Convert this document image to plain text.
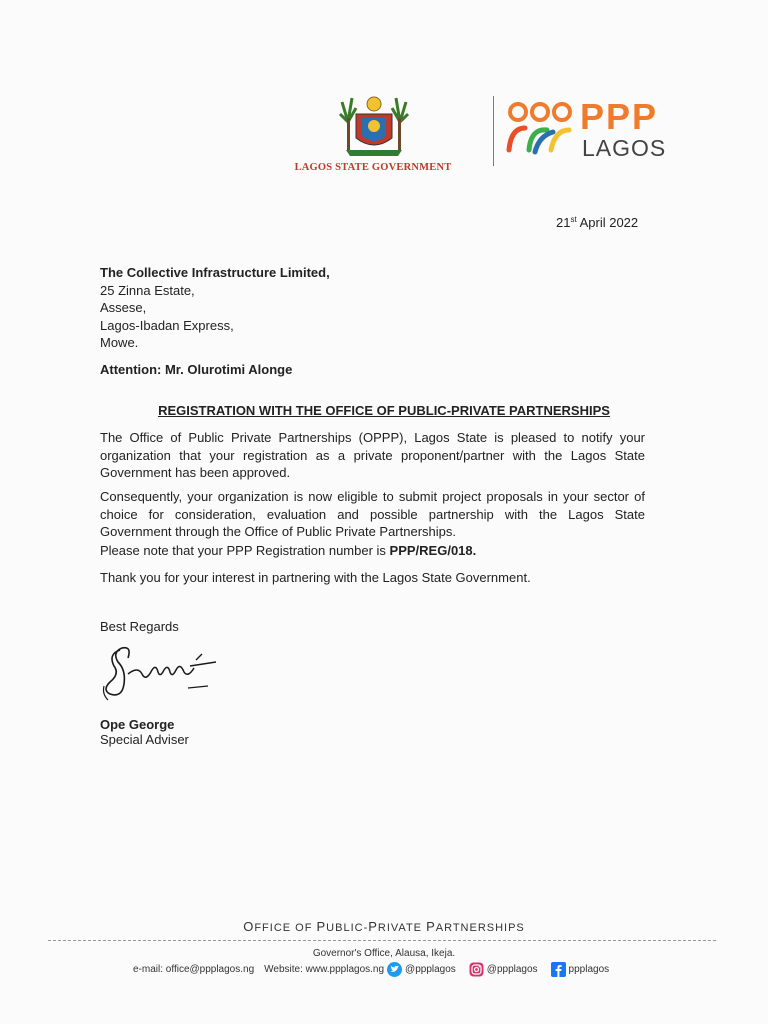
LAGOS STATE GOVERNMENT
PPP
LAGOS
21st April 2022
The Collective Infrastructure Limited,
25 Zinna Estate,
Assese,
Lagos-Ibadan Express,
Mowe.
Attention: Mr. Olurotimi Alonge
REGISTRATION WITH THE OFFICE OF PUBLIC-PRIVATE PARTNERSHIPS
The Office of Public Private Partnerships (OPPP), Lagos State is pleased to notify your organization that your registration as a private proponent/partner with the Lagos State Government has been approved.
Consequently, your organization is now eligible to submit project proposals in your sector of choice for consideration, evaluation and possible partnership with the Lagos State Government through the Office of Public Private Partnerships.
Please note that your PPP Registration number is PPP/REG/018.
Thank you for your interest in partnering with the Lagos State Government.
Best Regards
Ope George
Special Adviser
OFFICE OF PUBLIC-PRIVATE PARTNERSHIPS
Governor's Office, Alausa, Ikeja.
e-mail: office@ppplagos.ng Website: www.ppplagos.ng @ppplagos	@ppplagos	ppplagos
